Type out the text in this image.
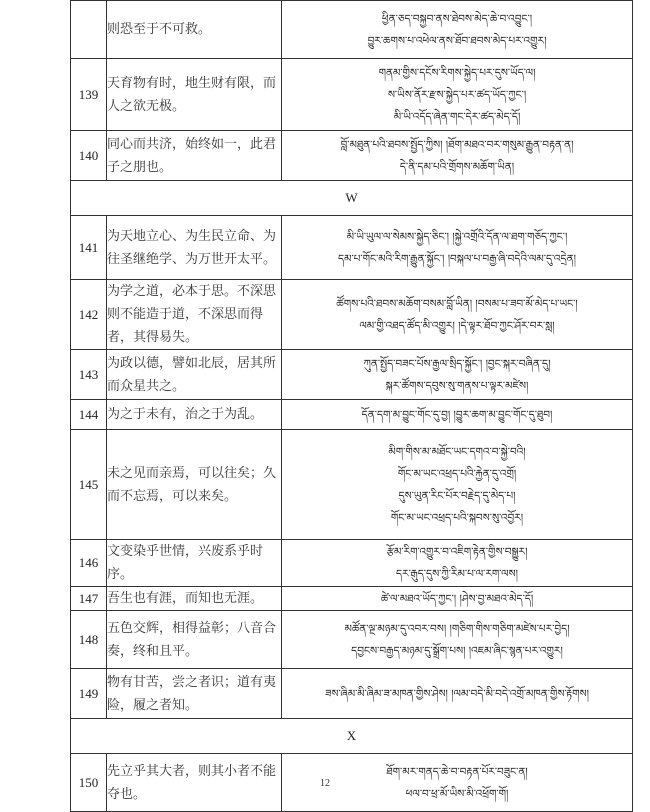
	则恐至于不可救。	ཕྱིན་ཅད་བསྐྱབ་ནས་ཐེབས་མེད་ཆེ་བ་འབྱུང་།
བྱུར་ཆགས་པ་འཕེལ་ནས་ཐོབ་ཐབས་མེད་པར་འགྱུར།

139	天育物有时，地生财有限，而人之欲无极。	གནམ་གྱིས་དངོས་རིགས་སྐྱེད་པར་དུས་ཡོད་ལ།
ས་ཡིས་ནོར་རྫས་སྐྱེད་པར་ཚད་ཡོད་ཀྱང་།
མི་ཡི་འདོད་ཞེན་གང་དེར་ཚད་མེད་དོ།

140	同心而共济，始终如一，此君子之朋也。	བློ་མཐུན་པའི་ཐབས་སྤྱོད་ཀྱིས། །ཐོག་མཐའ་བར་གསུམ་རྒྱུན་བརྟན་ན།
དེ་ནི་དམ་པའི་གྲོགས་མཆོག་ཡིན།

W		
141	为天地立心、为生民立命、为往圣继绝学、为万世开太平。	མི་ཡི་ཡུལ་ལ་སེམས་སྐྱེད་ཅིང་། །སྐྱེ་འགྲོའི་དོན་ལ་ཐག་གཅོད་ཀྱང་།
དམ་པ་གོང་མའི་རིག་རྒྱུན་སྐྱོང་། །བསྐལ་པ་བརྒྱ་ཞི་བདེའི་ལམ་དུ་འདྲེན།

142	为学之道，必本于思。不深思则不能造于道，不深思而得者，其得易失。	ཚོགས་པའི་ཐབས་མཆོག་བསམ་བློ་ཡིན། །བསམ་པ་ཟབ་མོ་མེད་པ་ཡང་།
ལམ་གྱི་འཐད་ཚོད་མི་འགྱུར། །དེ་ལྟར་ཐོབ་ཀྱང་ཤོར་བར་སླ།

143	为政以德，譬如北辰，居其所而众星共之。	ཀུན་སྤྱོད་བཟང་པོས་རྒྱལ་སྲིད་སྐྱོང་། །བྱང་སྐར་བཞིན་དུ།
སྐར་ཚོགས་དབུས་སུ་གནས་པ་ལྟར་མཛེས།

144	为之于未有，治之于为乱。	དོན་དག་མ་བྱུང་གོང་དུ་བྱ། །བྱུར་ཆག་མ་བྱུང་གོང་དུ་ཐུབ།

145	未之见而亲焉，可以往矣；久而不忘焉，可以来矣。	མིག་གིས་མ་མཐོང་ཡང་དགའ་བ་སྐྱེ་བའི།
གོང་མ་ཡང་འཕྲད་པའི་རྐྱེན་དུ་འགྲོ།
དུས་ཡུན་རིང་པོར་བརྗེད་དུ་མེད་པ།
གོང་མ་ཡང་འཕྲད་པའི་སྐབས་སུ་འབྱོར།

146	文变染乎世情，兴废系乎时序。	རྩོམ་རིག་འགྱུར་བ་འཇིག་རྟེན་གྱིས་བསྒྱུར།
དར་རྒུད་དུས་ཀྱི་རིམ་པ་ལ་རག་ལས།

147	吾生也有涯，而知也无涯。	ཚེ་ལ་མཐའ་ཡོད་ཀྱང་། །ཤེས་བྱ་མཐའ་མེད་དོ།

148	五色交辉，相得益彰；八音合奏，终和且平。	མཚོན་ལྔ་མཉམ་དུ་འབར་བས། །གཅིག་གིས་གཅིག་མཛེས་པར་བྱེད།
དབྱངས་བརྒྱད་མཉམ་དུ་སྒྲོག་པས། །འཇམ་ཞིང་སྙན་པར་འགྱུར།

149	物有甘苦，尝之者识；道有夷险，履之者知。	ཟས་ཞིམ་མི་ཞིམ་ཟ་མཁན་གྱིས་ཤེས། །ལམ་བདེ་མི་བདེ་འགྲོ་མཁན་གྱིས་རྟོགས།

X		
150	先立乎其大者，则其小者不能夺也。	ཐོག་མར་གནད་ཆེ་བ་བརྟན་པོར་བཟུང་ན།
ཕལ་བ་ཕྲ་མོ་ཡིས་མི་འཕྲོག་གོ།
12
